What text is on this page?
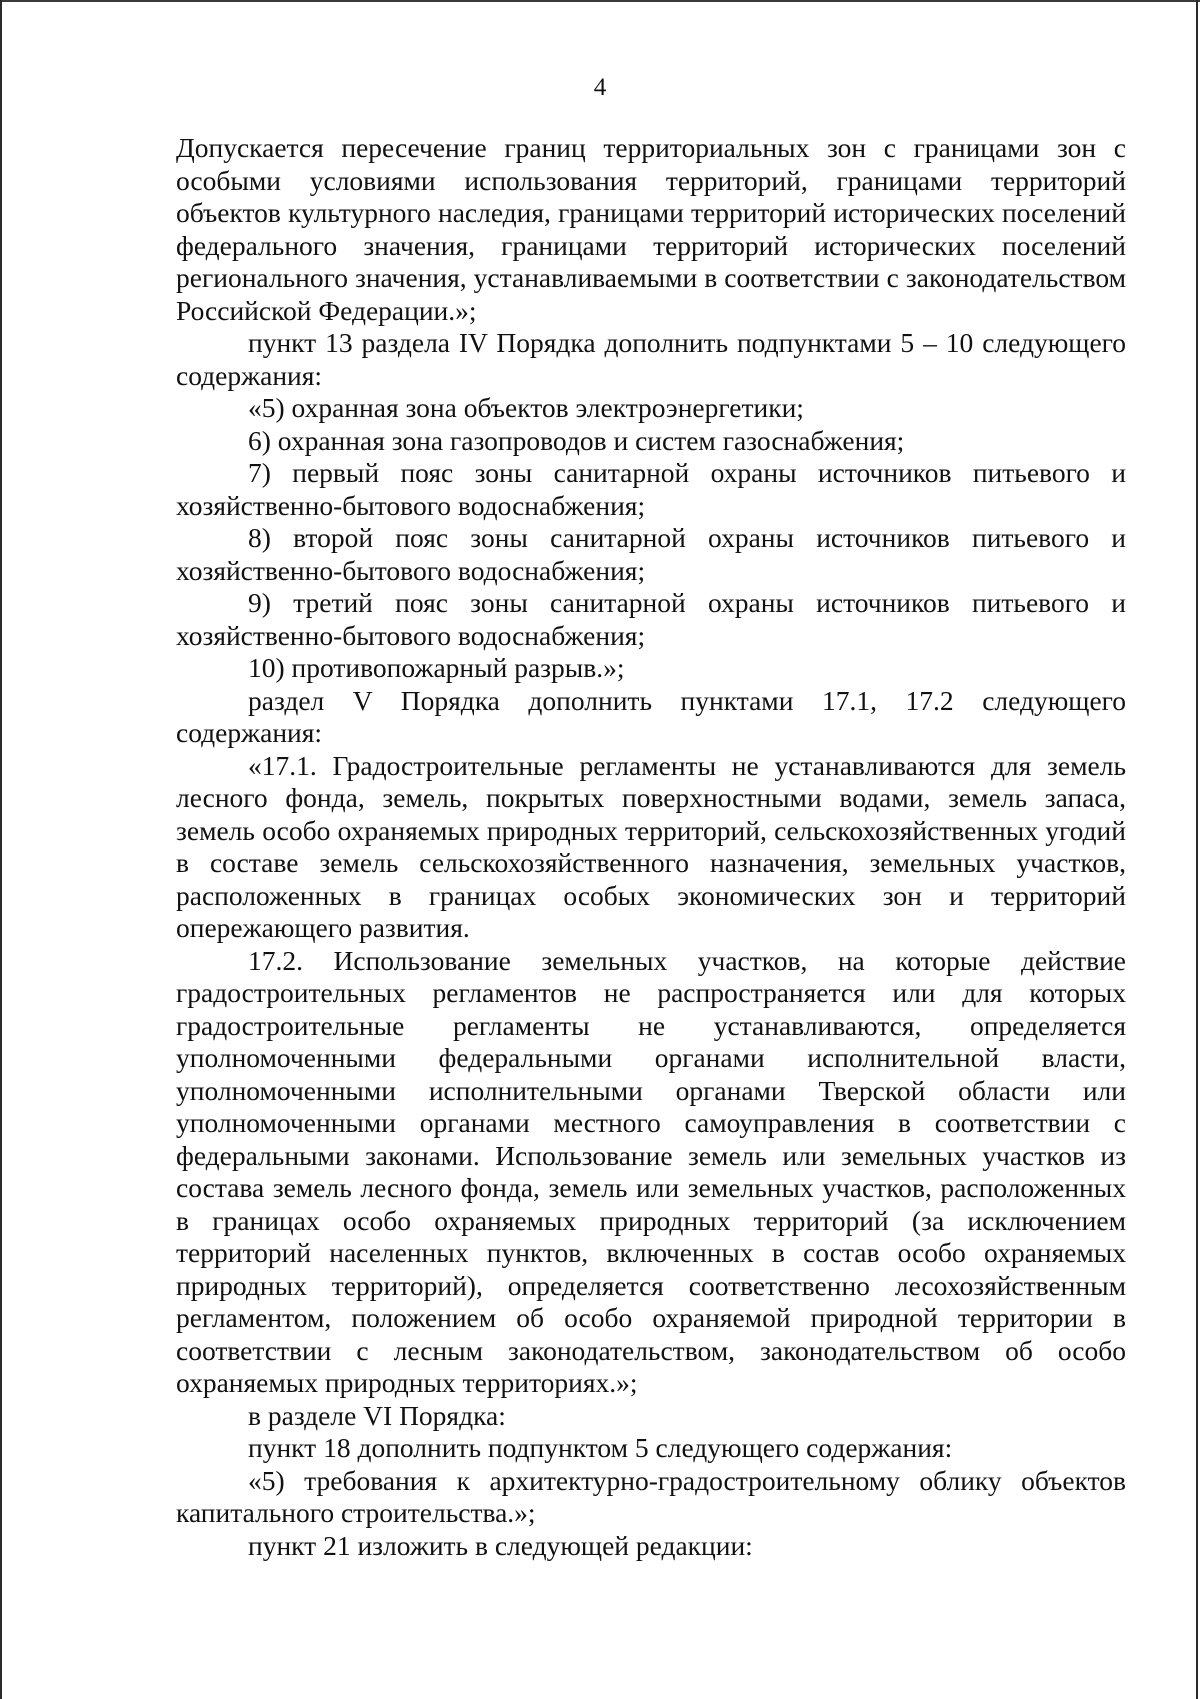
4

Допускается пересечение границ территориальных зон с границами зон с особыми условиями использования территорий, границами территорий объектов культурного наследия, границами территорий исторических поселений федерального значения, границами территорий исторических поселений регионального значения, устанавливаемыми в соответствии с законодательством Российской Федерации.»;

пункт 13 раздела IV Порядка дополнить подпунктами 5 – 10 следующего содержания:

«5) охранная зона объектов электроэнергетики;

6) охранная зона газопроводов и систем газоснабжения;

7) первый пояс зоны санитарной охраны источников питьевого и хозяйственно-бытового водоснабжения;

8) второй пояс зоны санитарной охраны источников питьевого и хозяйственно-бытового водоснабжения;

9) третий пояс зоны санитарной охраны источников питьевого и хозяйственно-бытового водоснабжения;

10) противопожарный разрыв.»;

раздел V Порядка дополнить пунктами 17.1, 17.2 следующего содержания:

«17.1. Градостроительные регламенты не устанавливаются для земель лесного фонда, земель, покрытых поверхностными водами, земель запаса, земель особо охраняемых природных территорий, сельскохозяйственных угодий в составе земель сельскохозяйственного назначения, земельных участков, расположенных в границах особых экономических зон и территорий опережающего развития.

17.2. Использование земельных участков, на которые действие градостроительных регламентов не распространяется или для которых градостроительные регламенты не устанавливаются, определяется уполномоченными федеральными органами исполнительной власти, уполномоченными исполнительными органами Тверской области или уполномоченными органами местного самоуправления в соответствии с федеральными законами. Использование земель или земельных участков из состава земель лесного фонда, земель или земельных участков, расположенных в границах особо охраняемых природных территорий (за исключением территорий населенных пунктов, включенных в состав особо охраняемых природных территорий), определяется соответственно лесохозяйственным регламентом, положением об особо охраняемой природной территории в соответствии с лесным законодательством, законодательством об особо охраняемых природных территориях.»;

в разделе VI Порядка:

пункт 18 дополнить подпунктом 5 следующего содержания:

«5) требования к архитектурно-градостроительному облику объектов капитального строительства.»;

пункт 21 изложить в следующей редакции:
